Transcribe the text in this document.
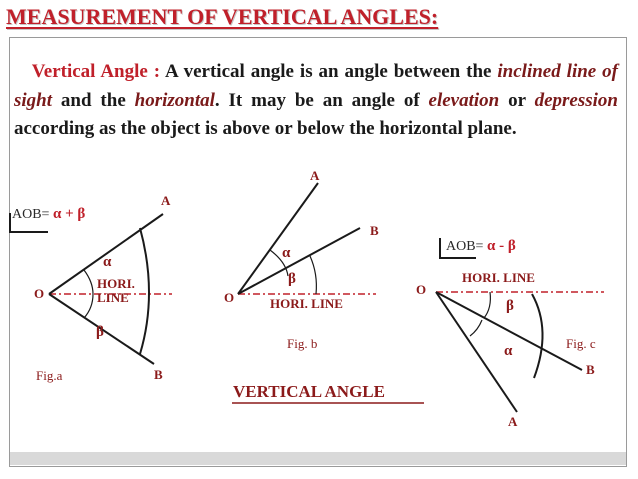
MEASUREMENT OF VERTICAL ANGLES:
Vertical Angle : A vertical angle is an angle between the inclined line of sight and the horizontal. It may be an angle of elevation or depression according as the object is above or below the horizontal plane.
AOB= α + β
A
O
B
α
β
HORI.
LINE
Fig.a
A
B
O
α
β
HORI. LINE
Fig. b
AOB= α - β
O
HORI. LINE
β
α	Fig. c
B
A
VERTICAL ANGLE
